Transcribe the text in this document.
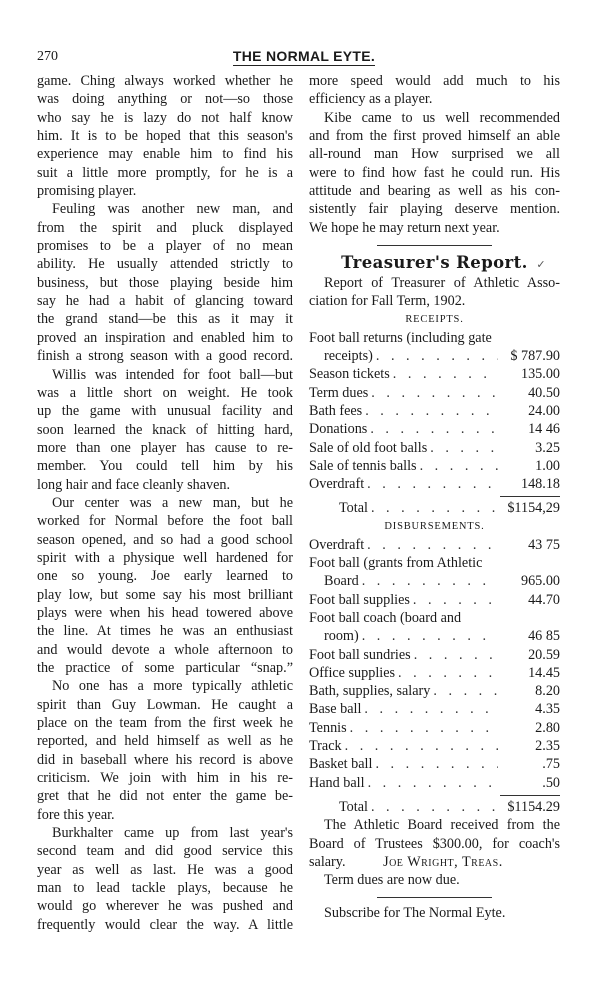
270	THE NORMAL EYTE.
game. Ching always worked whether he
was doing anything or not—so those
who say he is lazy do not half know
him. It is to be hoped that this season's
experience may enable him to find his
suit a little more promptly, for he is a
promising player.
Feuling was another new man, and
from the spirit and pluck displayed
promises to be a player of no mean
ability. He usually attended strictly to
business, but those playing beside him
say he had a habit of glancing toward
the grand stand—be this as it may it
proved an inspiration and enabled him to
finish a strong season with a good record.
Willis was intended for foot ball—but
was a little short on weight. He took
up the game with unusual facility and
soon learned the knack of hitting hard,
more than one player has cause to re-
member. You could tell him by his
long hair and face cleanly shaven.
Our center was a new man, but he
worked for Normal before the foot ball
season opened, and so had a good school
spirit with a physique well hardened for
one so young. Joe early learned to
play low, but some say his most brilliant
plays were when his head towered above
the line. At times he was an enthusiast
and would devote a whole afternoon to
the practice of some particular “snap.”
No one has a more typically athletic
spirit than Guy Lowman. He caught a
place on the team from the first week he
reported, and held himself as well as he
did in baseball where his record is above
criticism. We join with him in his re-
gret that he did not enter the game be-
fore this year.
Burkhalter came up from last year's
second team and did good service this
year as well as last. He was a good
man to lead tackle plays, because he
would go wherever he was pushed and
frequently would clear the way. A little
more speed would add much to his
efficiency as a player.
Kibe came to us well recommended
and from the first proved himself an able
all-round man How surprised we all
were to find how fast he could run. His
attitude and bearing as well as his con-
sistently fair playing deserve mention.
We hope he may return next year.
Treasurer's Report. ✓
Report of Treasurer of Athletic Asso-
ciation for Fall Term, 1902.
RECEIPTS.
Foot ball returns (including gate
receipts) . . .	$ 787.90
Season tickets . . .	135.00
Term dues . . .	40.50
Bath fees . . .	24.00
Donations . . .	14 46
Sale of old foot balls . . .	3.25
Sale of tennis balls . . .	1.00
Overdraft . . .	148.18
Total . . .	$1154,29
DISBURSEMENTS.
Overdraft . . .	43 75
Foot ball (grants from Athletic
Board . . .	965.00
Foot ball supplies . . .	44.70
Foot ball coach (board and
room) . . .	46 85
Foot ball sundries . . .	20.59
Office supplies . . .	14.45
Bath, supplies, salary . . .	8.20
Base ball . . .	4.35
Tennis . . .	2.80
Track . . .	2.35
Basket ball . . .	.75
Hand ball . . .	.50
Total . . .	$1154.29
The Athletic Board received from the
Board of Trustees $300.00, for coach's
salary.	Joe Wright, Treas.
Term dues are now due.
Subscribe for The Normal Eyte.
